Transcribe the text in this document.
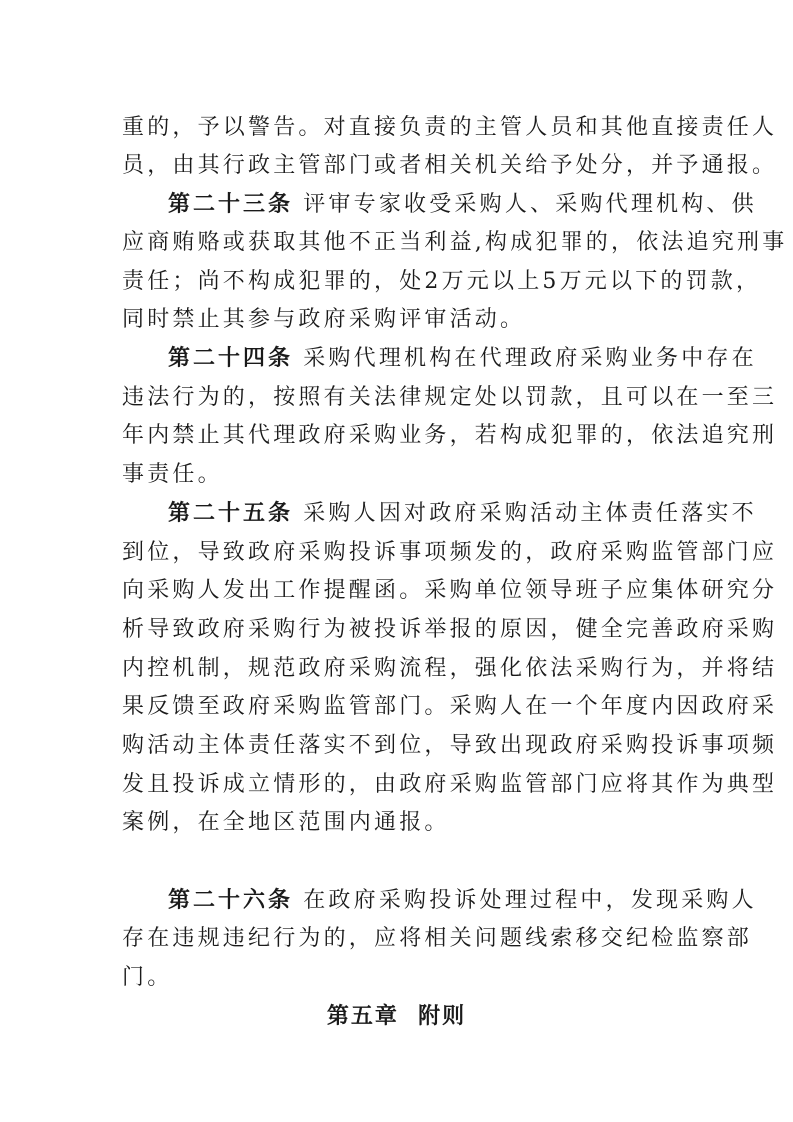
重的，予以警告。对直接负责的主管人员和其他直接责任人
员，由其行政主管部门或者相关机关给予处分，并予通报。
第二十三条 评审专家收受采购人、采购代理机构、供
应商贿赂或获取其他不正当利益,构成犯罪的，依法追究刑事
责任；尚不构成犯罪的，处2万元以上5万元以下的罚款，
同时禁止其参与政府采购评审活动。
第二十四条 采购代理机构在代理政府采购业务中存在
违法行为的，按照有关法律规定处以罚款，且可以在一至三
年内禁止其代理政府采购业务，若构成犯罪的，依法追究刑
事责任。
第二十五条 采购人因对政府采购活动主体责任落实不
到位，导致政府采购投诉事项频发的，政府采购监管部门应
向采购人发出工作提醒函。采购单位领导班子应集体研究分
析导致政府采购行为被投诉举报的原因，健全完善政府采购
内控机制，规范政府采购流程，强化依法采购行为，并将结
果反馈至政府采购监管部门。采购人在一个年度内因政府采
购活动主体责任落实不到位，导致出现政府采购投诉事项频
发且投诉成立情形的，由政府采购监管部门应将其作为典型
案例，在全地区范围内通报。
第二十六条 在政府采购投诉处理过程中，发现采购人
存在违规违纪行为的，应将相关问题线索移交纪检监察部
门。
第五章  附则
